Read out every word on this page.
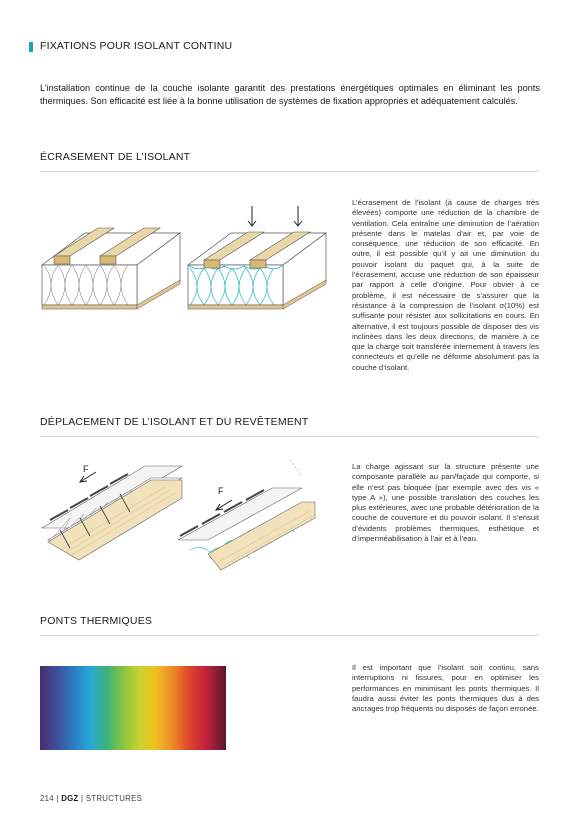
FIXATIONS POUR ISOLANT CONTINU
L’installation continue de la couche isolante garantit des prestations énergétiques optimales en éliminant les ponts thermiques. Son efficacité est liée à la bonne utilisation de systèmes de fixation appropriés et adéquatement calculés.
ÉCRASEMENT DE L’ISOLANT
L’écrasement de l’isolant (à cause de charges très élevées) comporte une réduction de la chambre de ventilation. Cela entraîne une diminution de l’aération présente dans le matelas d’air et, par voie de conséquence, une réduction de son efficacité. En outre, il est possible qu’il y ait une diminution du pouvoir isolant du paquet qui, à la suite de l’écrasement, accuse une réduction de son épaisseur par rapport à celle d’origine. Pour obvier à ce problème, il est nécessaire de s’assurer que la résistance à la compression de l’isolant σ(10%) est suffisante pour résister aux sollicitations en cours. En alternative, il est toujours possible de disposer des vis inclinées dans les deux directions, de manière à ce que la charge soit transférée internement à travers les connecteurs et qu’elle ne déforme absolument pas la couche d’isolant.
DÉPLACEMENT DE L’ISOLANT ET DU REVÊTEMENT
F
F
La charge agissant sur la structure présente une composante parallèle au pan/façade qui comporte, si elle n’est pas bloquée (par exemple avec des vis « type A »), une possible translation des couches les plus extérieures, avec une probable détérioration de la couche de couverture et du pouvoir isolant. Il s’ensuit d’évidents problèmes thermiques, esthétique et d’imperméabilisation à l’air et à l’eau.
PONTS THERMIQUES
Il est important que l’isolant soit continu, sans interruptions ni fissures, pour en optimiser les performances en minimisant les ponts thermiques. Il faudra aussi éviter les ponts thermiques dus à des ancrages trop fréquents ou disposés de façon erronée.
214 | DGZ | STRUCTURES
